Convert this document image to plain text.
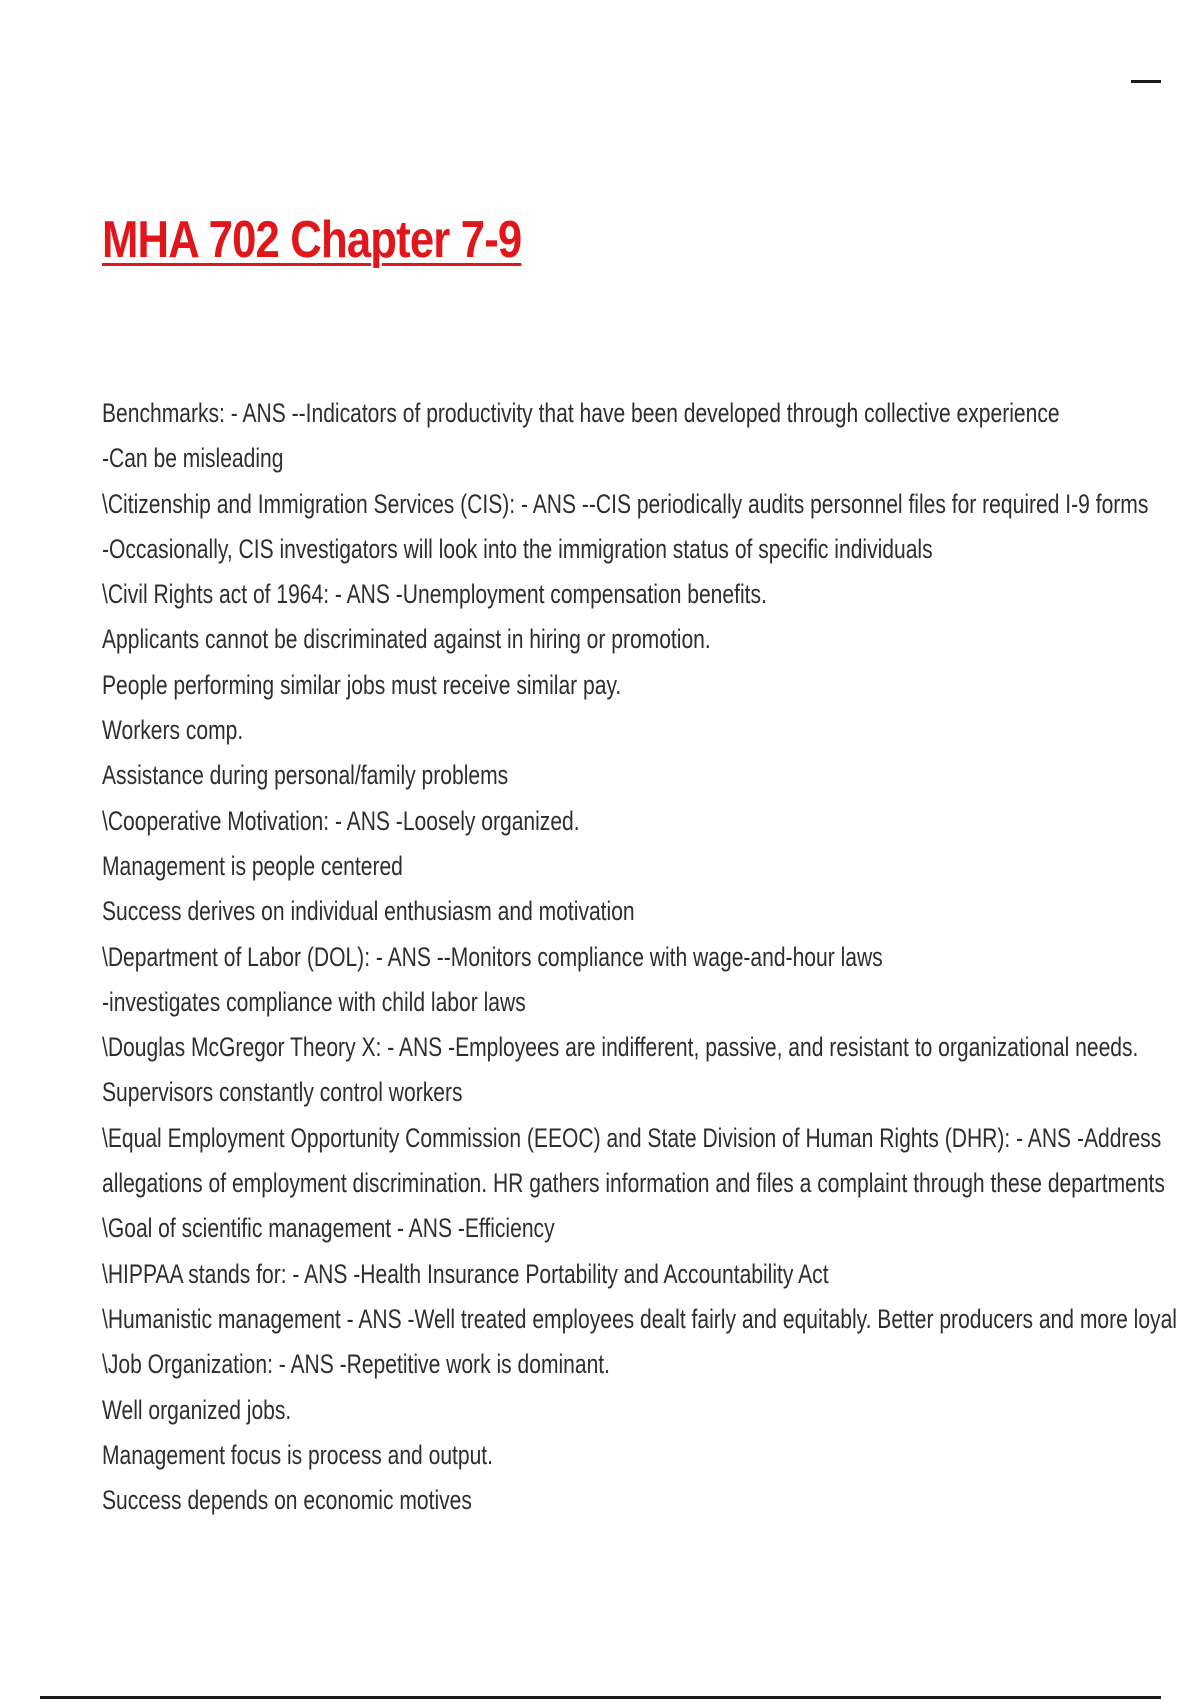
MHA 702 Chapter 7-9
Benchmarks: - ANS --Indicators of productivity that have been developed through collective experience
-Can be misleading
\Citizenship and Immigration Services (CIS): - ANS --CIS periodically audits personnel files for required I-9 forms
-Occasionally, CIS investigators will look into the immigration status of specific individuals
\Civil Rights act of 1964: - ANS -Unemployment compensation benefits.
Applicants cannot be discriminated against in hiring or promotion.
People performing similar jobs must receive similar pay.
Workers comp.
Assistance during personal/family problems
\Cooperative Motivation: - ANS -Loosely organized.
Management is people centered
Success derives on individual enthusiasm and motivation
\Department of Labor (DOL): - ANS --Monitors compliance with wage-and-hour laws
-investigates compliance with child labor laws
\Douglas McGregor Theory X: - ANS -Employees are indifferent, passive, and resistant to organizational needs.
Supervisors constantly control workers
\Equal Employment Opportunity Commission (EEOC) and State Division of Human Rights (DHR): - ANS -Address
allegations of employment discrimination. HR gathers information and files a complaint through these departments
\Goal of scientific management - ANS -Efficiency
\HIPPAA stands for: - ANS -Health Insurance Portability and Accountability Act
\Humanistic management - ANS -Well treated employees dealt fairly and equitably. Better producers and more loyal
\Job Organization: - ANS -Repetitive work is dominant.
Well organized jobs.
Management focus is process and output.
Success depends on economic motives
